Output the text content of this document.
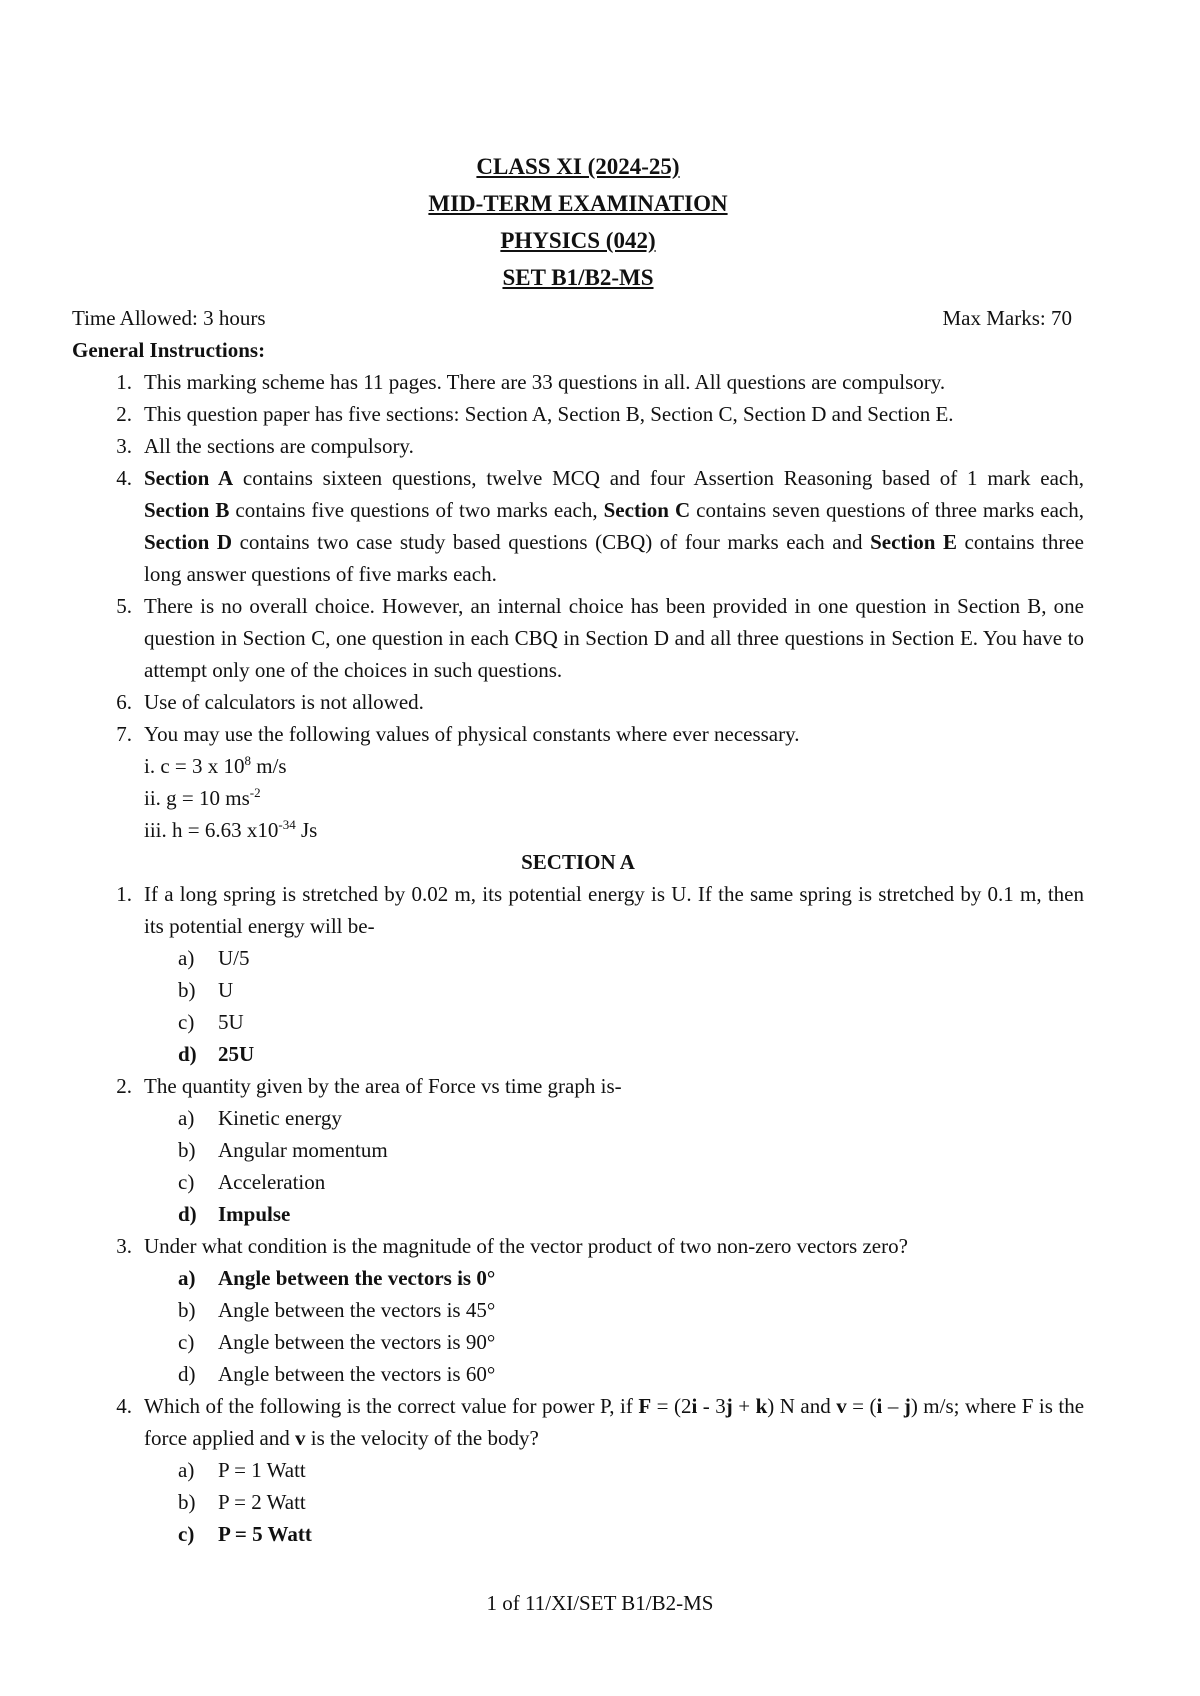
CLASS XI (2024-25)
MID-TERM EXAMINATION
PHYSICS (042)
SET B1/B2-MS
Time Allowed: 3 hours	Max Marks: 70
General Instructions:
1. This marking scheme has 11 pages. There are 33 questions in all. All questions are compulsory.
2. This question paper has five sections: Section A, Section B, Section C, Section D and Section E.
3. All the sections are compulsory.
4. Section A contains sixteen questions, twelve MCQ and four Assertion Reasoning based of 1 mark each, Section B contains five questions of two marks each, Section C contains seven questions of three marks each, Section D contains two case study based questions (CBQ) of four marks each and Section E contains three long answer questions of five marks each.
5. There is no overall choice. However, an internal choice has been provided in one question in Section B, one question in Section C, one question in each CBQ in Section D and all three questions in Section E. You have to attempt only one of the choices in such questions.
6. Use of calculators is not allowed.
7. You may use the following values of physical constants where ever necessary.
i. c = 3 x $10^8$ m/s
ii. g = 10 $ms^{-2}$
iii. h = 6.63 $x10^{-34}$ Js
SECTION A
1. If a long spring is stretched by 0.02 m, its potential energy is U. If the same spring is stretched by 0.1 m, then its potential energy will be-
a)	U/5
b)	U
c)	5U
d)	25U
2. The quantity given by the area of Force vs time graph is-
a)	Kinetic energy
b)	Angular momentum
c)	Acceleration
d)	Impulse
3. Under what condition is the magnitude of the vector product of two non-zero vectors zero?
a)	Angle between the vectors is 0°
b)	Angle between the vectors is 45°
c)	Angle between the vectors is 90°
d)	Angle between the vectors is 60°
4. Which of the following is the correct value for power P, if F = (2i - 3j + k) N and v = (i – j) m/s; where F is the force applied and v is the velocity of the body?
a)	P = 1 Watt
b)	P = 2 Watt
c)	P = 5 Watt
1 of 11/XI/SET B1/B2-MS
